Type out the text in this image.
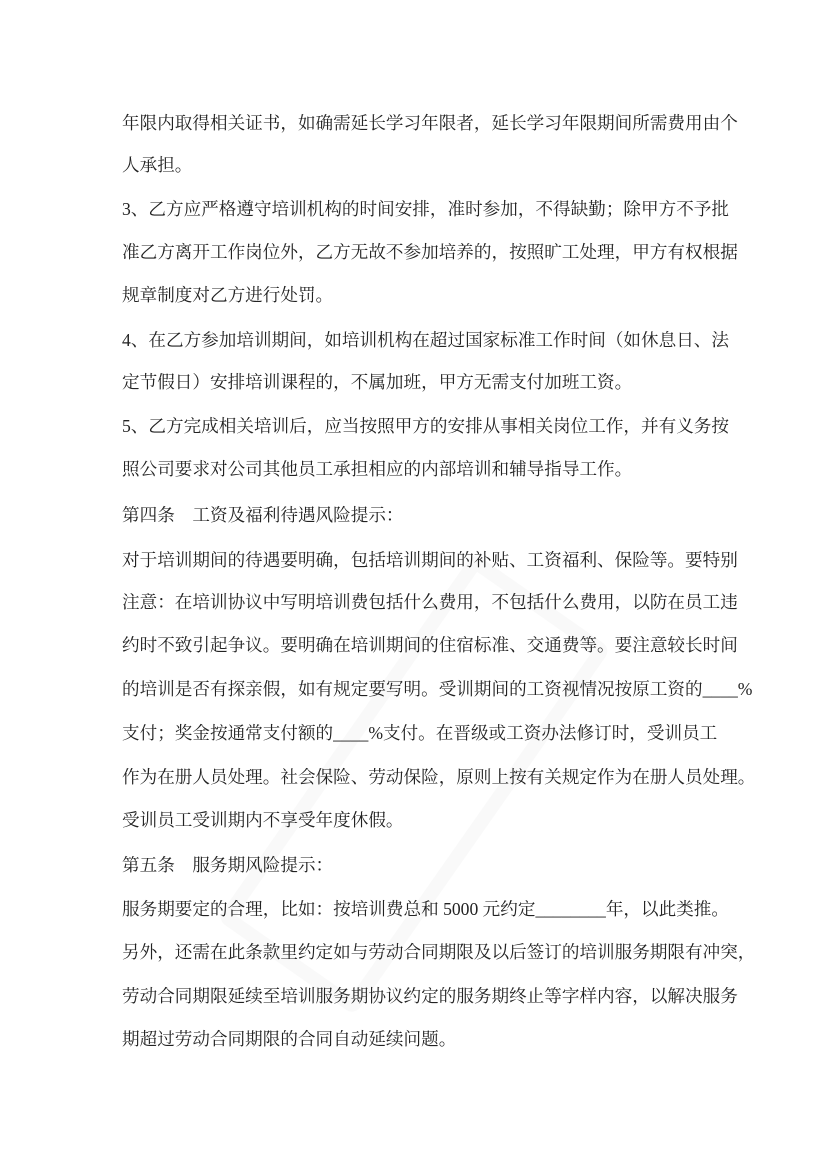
年限内取得相关证书，如确需延长学习年限者，延长学习年限期间所需费用由个
人承担。
3、乙方应严格遵守培训机构的时间安排，准时参加，不得缺勤；除甲方不予批
准乙方离开工作岗位外，乙方无故不参加培养的，按照旷工处理，甲方有权根据
规章制度对乙方进行处罚。
4、在乙方参加培训期间，如培训机构在超过国家标准工作时间（如休息日、法
定节假日）安排培训课程的，不属加班，甲方无需支付加班工资。
5、乙方完成相关培训后，应当按照甲方的安排从事相关岗位工作，并有义务按
照公司要求对公司其他员工承担相应的内部培训和辅导指导工作。
第四条　工资及福利待遇风险提示：
对于培训期间的待遇要明确，包括培训期间的补贴、工资福利、保险等。要特别
注意：在培训协议中写明培训费包括什么费用，不包括什么费用，以防在员工违
约时不致引起争议。要明确在培训期间的住宿标准、交通费等。要注意较长时间
的培训是否有探亲假，如有规定要写明。受训期间的工资视情况按原工资的____%
支付；奖金按通常支付额的____%支付。在晋级或工资办法修订时，受训员工
作为在册人员处理。社会保险、劳动保险，原则上按有关规定作为在册人员处理。
受训员工受训期内不享受年度休假。
第五条　服务期风险提示：
服务期要定的合理，比如：按培训费总和 5000 元约定________年，以此类推。
另外，还需在此条款里约定如与劳动合同期限及以后签订的培训服务期限有冲突，
劳动合同期限延续至培训服务期协议约定的服务期终止等字样内容，以解决服务
期超过劳动合同期限的合同自动延续问题。
